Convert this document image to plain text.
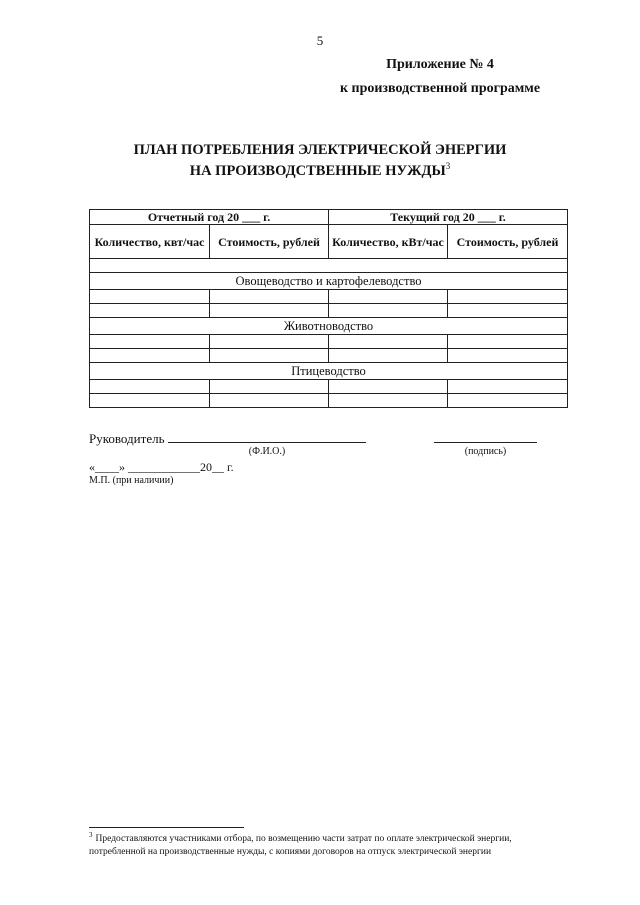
5
Приложение № 4
к производственной программе
ПЛАН ПОТРЕБЛЕНИЯ ЭЛЕКТРИЧЕСКОЙ ЭНЕРГИИ
НА ПРОИЗВОДСТВЕННЫЕ НУЖДЫ$^3$
Отчетный год 20 ___ г.		Текущий год 20 ___ г.	
Количество, квт/час	Стоимость, рублей	Количество, кВт/час	Стоимость, рублей

Овощеводство и картофелеводство			

Животноводство			

Птицеводство			

Руководитель
(Ф.И.О.)	(подпись)
«____» ____________20__ г.
М.П. (при наличии)
$^3$ Предоставляются участниками отбора, по возмещению части затрат по оплате электрической энергии, потребленной на производственные нужды, с копиями договоров на отпуск электрической энергии
